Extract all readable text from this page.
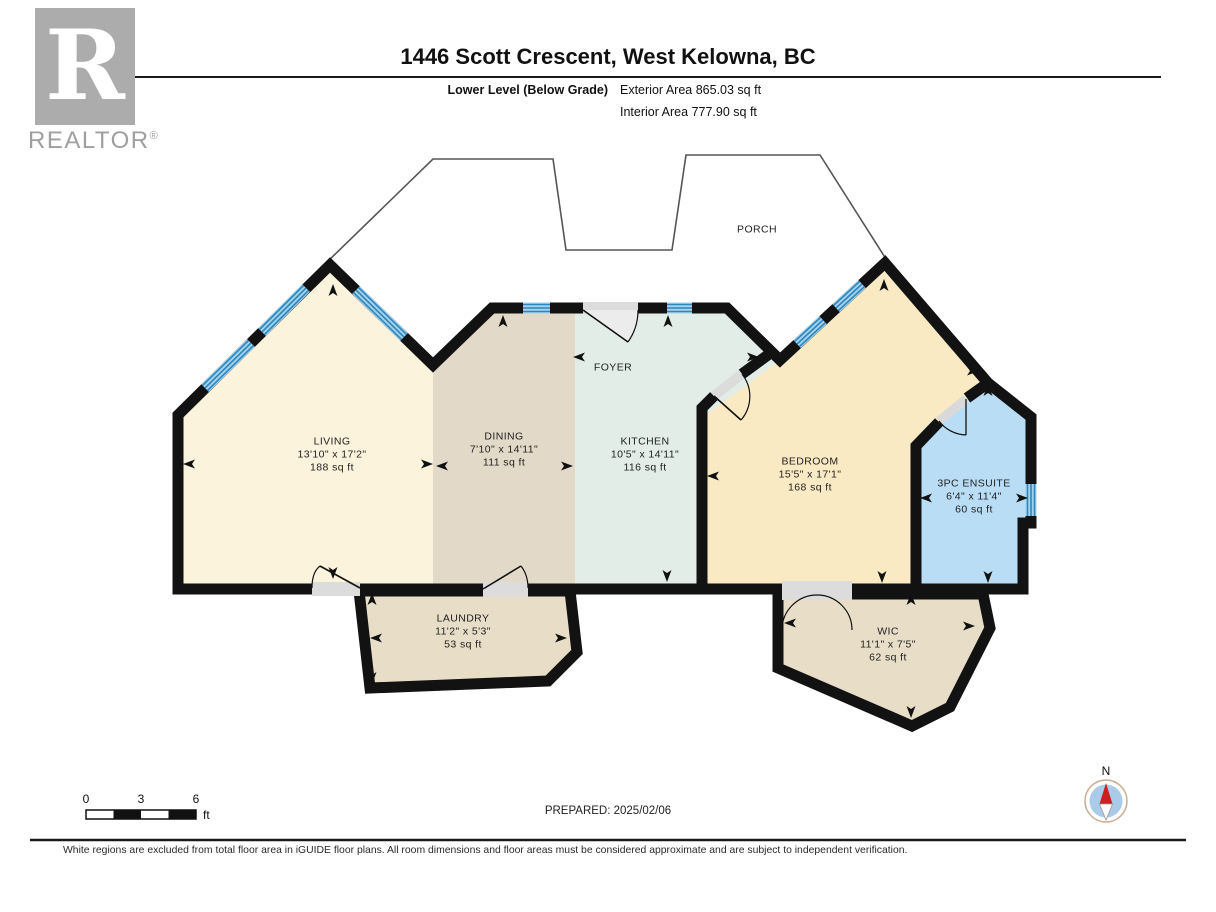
R
REALTOR®
1446 Scott Crescent, West Kelowna, BC
Lower Level (Below Grade) Exterior Area 865.03 sq ft
Interior Area 777.90 sq ft
PORCH
FOYER
LIVING
13'10" x 17'2"
188 sq ft
DINING
7'10" x 14'11"
111 sq ft
KITCHEN
10'5" x 14'11"
116 sq ft	BEDROOM
15'5" x 17'1"
168 sq ft	3PC ENSUITE
6'4" x 11'4"
60 sq ft
LAUNDRY
11'2" x 5'3"
53 sq ft
WIC
11'1" x 7'5"
62 sq ft
0	3	6
ft	PREPARED: 2025/02/06
N
White regions are excluded from total floor area in iGUIDE floor plans. All room dimensions and floor areas must be considered approximate and are subject to independent verification.
